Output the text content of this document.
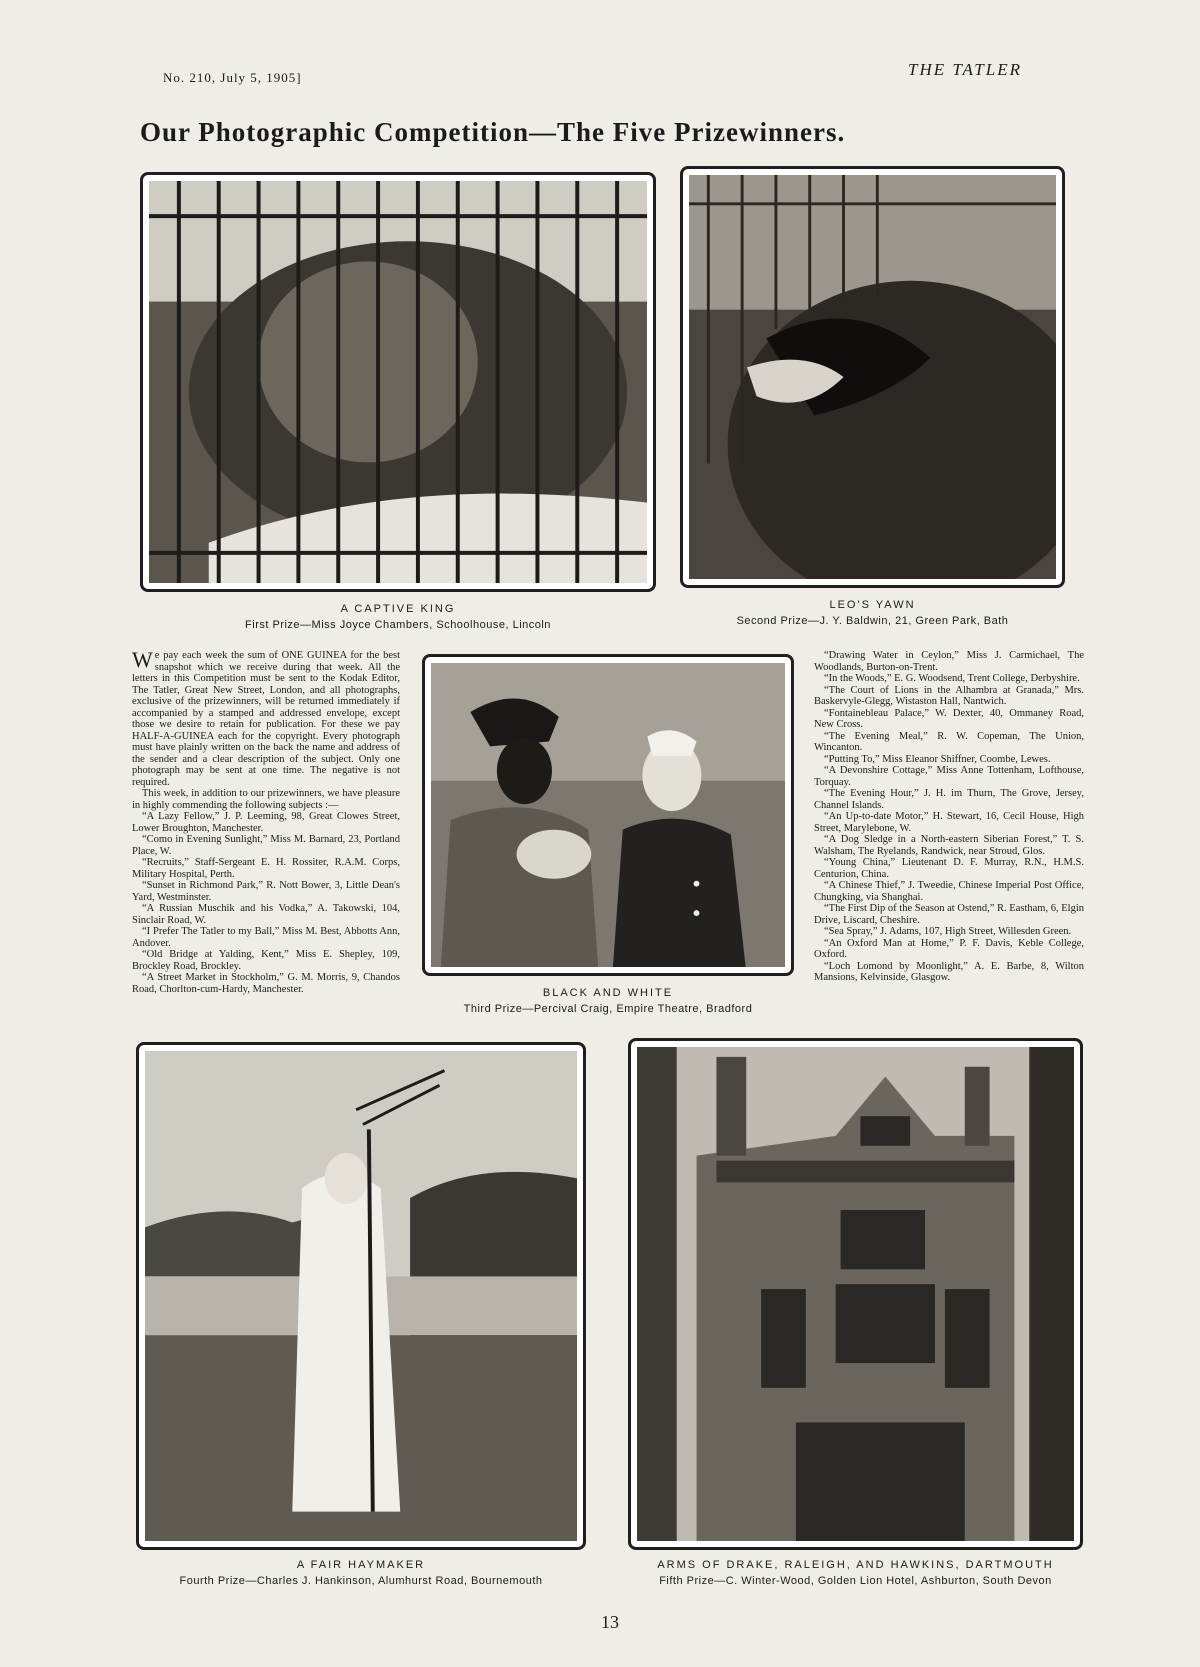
No. 210, July 5, 1905]	THE TATLER
Our Photographic Competition—The Five Prizewinners.
A CAPTIVE KING
First Prize—Miss Joyce Chambers, Schoolhouse, Lincoln
LEO'S YAWN
Second Prize—J. Y. Baldwin, 21, Green Park, Bath

We pay each week the sum of ONE GUINEA for the best snapshot which we receive during that week. All the letters in this Competition must be sent to the Kodak Editor, The Tatler, Great New Street, London, and all photographs, exclusive of the prizewinners, will be returned immediately if accompanied by a stamped and addressed envelope, except those we desire to retain for publication. For these we pay HALF-A-GUINEA each for the copyright. Every photograph must have plainly written on the back the name and address of the sender and a clear description of the subject. Only one photograph may be sent at one time. The negative is not required.

This week, in addition to our prizewinners, we have pleasure in highly commending the following subjects :—

“A Lazy Fellow,” J. P. Leeming, 98, Great Clowes Street, Lower Broughton, Manchester.

“Como in Evening Sunlight,” Miss M. Barnard, 23, Portland Place, W.

“Recruits,” Staff-Sergeant E. H. Rossiter, R.A.M. Corps, Military Hospital, Perth.

“Sunset in Richmond Park,” R. Nott Bower, 3, Little Dean's Yard, Westminster.

“A Russian Muschik and his Vodka,” A. Takowski, 104, Sinclair Road, W.

“I Prefer The Tatler to my Ball,” Miss M. Best, Abbotts Ann, Andover.

“Old Bridge at Yalding, Kent,” Miss E. Shepley, 109, Brockley Road, Brockley.

“A Street Market in Stockholm,” G. M. Morris, 9, Chandos Road, Chorlton-cum-Hardy, Manchester.	BLACK AND WHITE
Third Prize—Percival Craig, Empire Theatre, Bradford

“Drawing Water in Ceylon,” Miss J. Carmichael, The Woodlands, Burton-on-Trent.

“In the Woods,” E. G. Woodsend, Trent College, Derbyshire.

“The Court of Lions in the Alhambra at Granada,” Mrs. Baskervyle-Glegg, Wistaston Hall, Nantwich.

“Fontainebleau Palace,” W. Dexter, 40, Ommaney Road, New Cross.

“The Evening Meal,” R. W. Copeman, The Union, Wincanton.

“Putting To,” Miss Eleanor Shiffner, Coombe, Lewes.

“A Devonshire Cottage,” Miss Anne Tottenham, Lofthouse, Torquay.

“The Evening Hour,” J. H. im Thurn, The Grove, Jersey, Channel Islands.

“An Up-to-date Motor,” H. Stewart, 16, Cecil House, High Street, Marylebone, W.

“A Dog Sledge in a North-eastern Siberian Forest,” T. S. Walsham, The Ryelands, Randwick, near Stroud, Glos.

“Young China,” Lieutenant D. F. Murray, R.N., H.M.S. Centurion, China.

“A Chinese Thief,” J. Tweedie, Chinese Imperial Post Office, Chungking, via Shanghai.

“The First Dip of the Season at Ostend,” R. Eastham, 6, Elgin Drive, Liscard, Cheshire.

“Sea Spray,” J. Adams, 107, High Street, Willesden Green.

“An Oxford Man at Home,” P. F. Davis, Keble College, Oxford.

“Loch Lomond by Moonlight,” A. E. Barbe, 8, Wilton Mansions, Kelvinside, Glasgow.

A FAIR HAYMAKER
Fourth Prize—Charles J. Hankinson, Alumhurst Road, Bournemouth
ARMS OF DRAKE, RALEIGH, AND HAWKINS, DARTMOUTH
Fifth Prize—C. Winter-Wood, Golden Lion Hotel, Ashburton, South Devon
13
